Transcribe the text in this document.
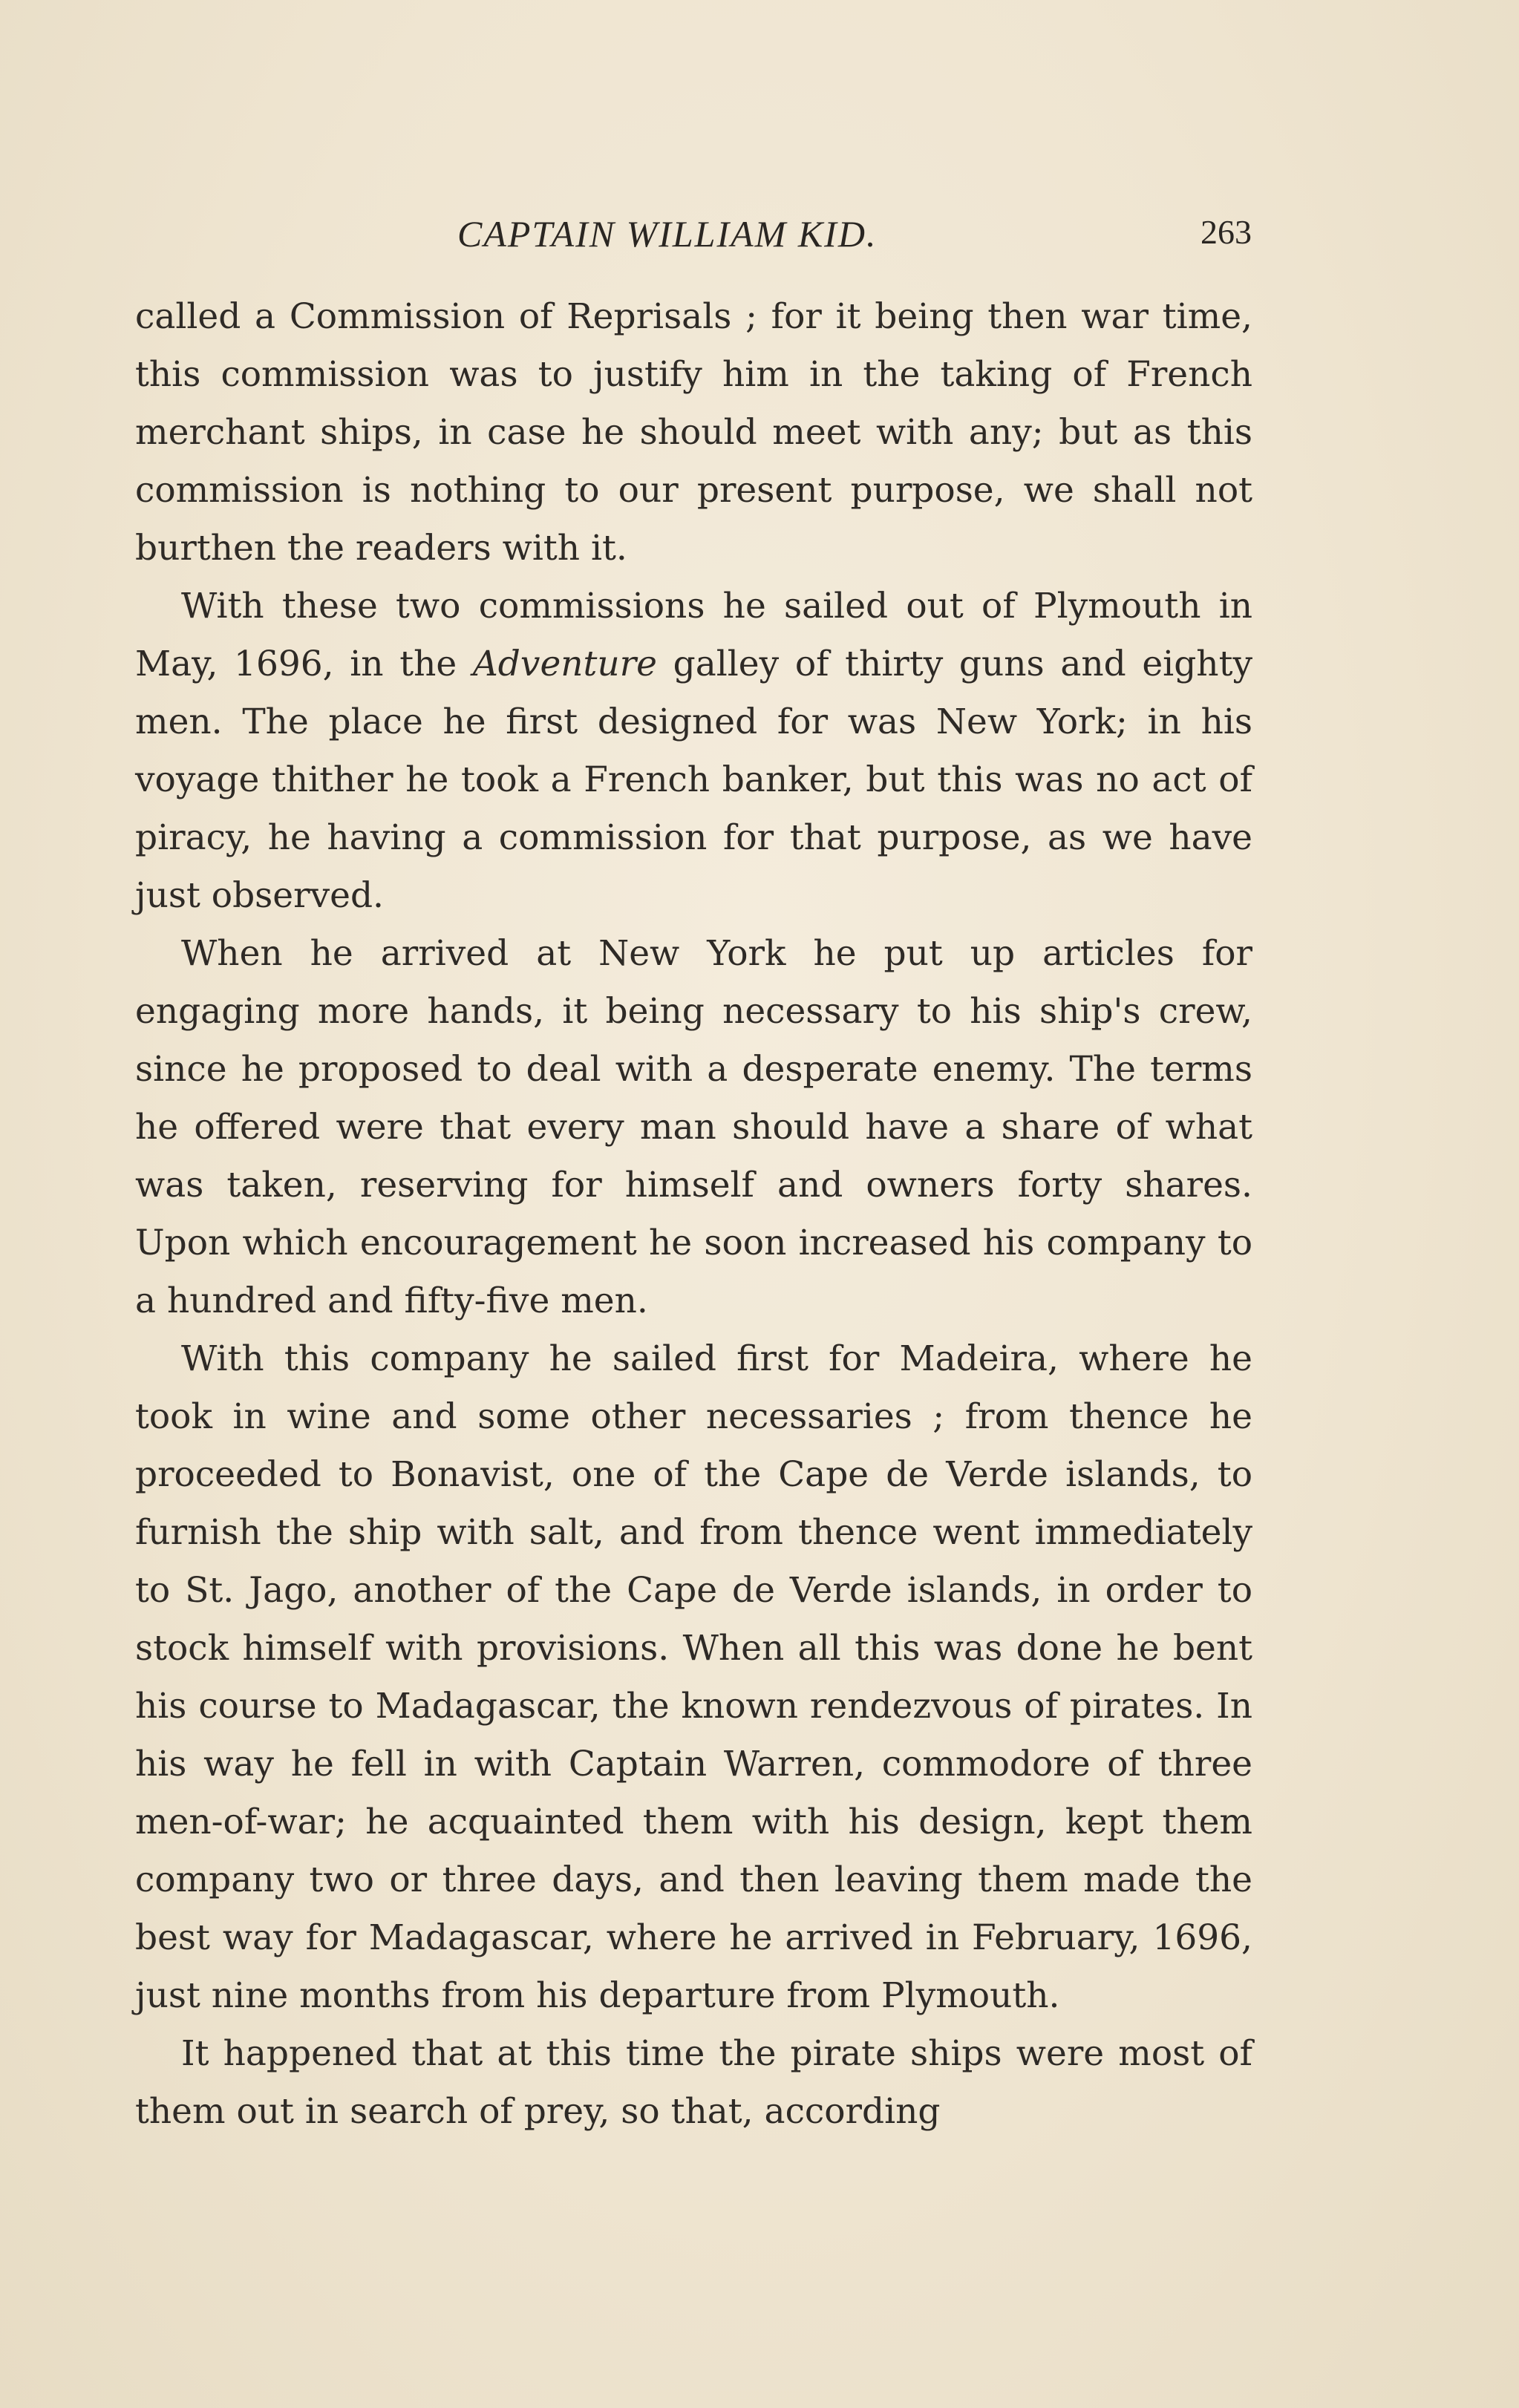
CAPTAIN WILLIAM KID.	263

called a Commission of Reprisals ; for it being then war time, this commission was to justify him in the taking of French merchant ships, in case he should meet with any; but as this commission is nothing to our present purpose, we shall not burthen the readers with it.

With these two commissions he sailed out of Plymouth in May, 1696, in the Adventure galley of thirty guns and eighty men. The place he first designed for was New York; in his voyage thither he took a French banker, but this was no act of piracy, he having a commission for that purpose, as we have just observed.

When he arrived at New York he put up articles for engaging more hands, it being necessary to his ship's crew, since he proposed to deal with a desperate enemy. The terms he offered were that every man should have a share of what was taken, reserving for himself and owners forty shares. Upon which encouragement he soon increased his company to a hundred and fifty-five men.

With this company he sailed first for Madeira, where he took in wine and some other necessaries ; from thence he proceeded to Bonavist, one of the Cape de Verde islands, to furnish the ship with salt, and from thence went immediately to St. Jago, another of the Cape de Verde islands, in order to stock himself with provisions. When all this was done he bent his course to Madagascar, the known rendezvous of pirates. In his way he fell in with Captain Warren, commodore of three men-of-war; he acquainted them with his design, kept them company two or three days, and then leaving them made the best way for Madagascar, where he arrived in February, 1696, just nine months from his departure from Plymouth.

It happened that at this time the pirate ships were most of them out in search of prey, so that, according
